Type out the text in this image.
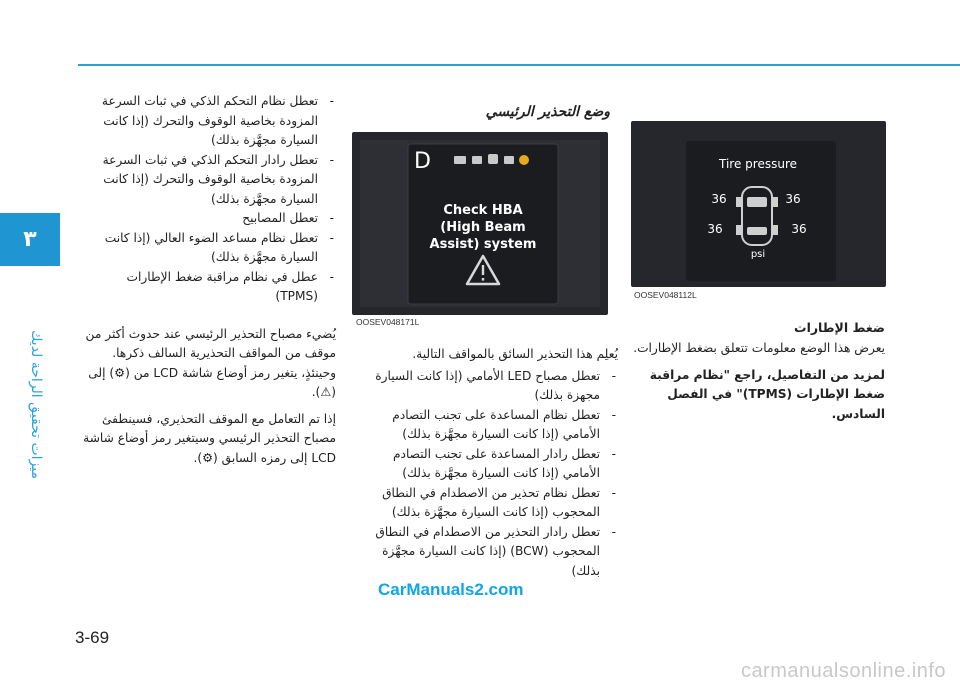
٣
ميزات تحقيق الراحة لديك
- تعطل نظام التحكم الذكي في ثبات السرعة المزودة بخاصية الوقوف والتحرك (إذا كانت السيارة مجهَّزة بذلك)
- تعطل رادار التحكم الذكي في ثبات السرعة المزودة بخاصية الوقوف والتحرك (إذا كانت السيارة مجهَّزة بذلك)
- تعطل المصابيح
- تعطل نظام مساعد الضوء العالي (إذا كانت السيارة مجهَّزة بذلك)
- عطل في نظام مراقبة ضغط الإطارات (TPMS)

يُضيء مصباح التحذير الرئيسي عند حدوث أكثر من موقف من المواقف التحذيرية السالف ذكرها. وحينئذٍ، يتغير رمز أوضاع شاشة LCD من (⚙) إلى (⚠).

إذا تم التعامل مع الموقف التحذيري، فسينطفئ مصباح التحذير الرئيسي وسيتغير رمز أوضاع شاشة LCD إلى رمزه السابق (⚙).

وضع التحذير الرئيسي
D
Check HBA
(High Beam
Assist) system
OOSEV048171L

يُعلِم هذا التحذير السائق بالمواقف التالية.

- تعطل مصباح LED الأمامي (إذا كانت السيارة مجهزة بذلك)
- تعطل نظام المساعدة على تجنب التصادم الأمامي (إذا كانت السيارة مجهَّزة بذلك)
- تعطل رادار المساعدة على تجنب التصادم الأمامي (إذا كانت السيارة مجهَّزة بذلك)
- تعطل نظام تحذير من الاصطدام في النطاق المحجوب (إذا كانت السيارة مجهَّزة بذلك)
- تعطل رادار التحذير من الاصطدام في النطاق المحجوب (BCW) (إذا كانت السيارة مجهَّزة بذلك)
Tire pressure
36	36
36	36
psi
OOSEV048112L
ضغط الإطارات

يعرض هذا الوضع معلومات تتعلق بضغط الإطارات.

لمزيد من التفاصيل، راجع "نظام مراقبة ضغط الإطارات (TPMS)" في الفصل السادس.

CarManuals2.com
3-69
carmanualsonline.info
